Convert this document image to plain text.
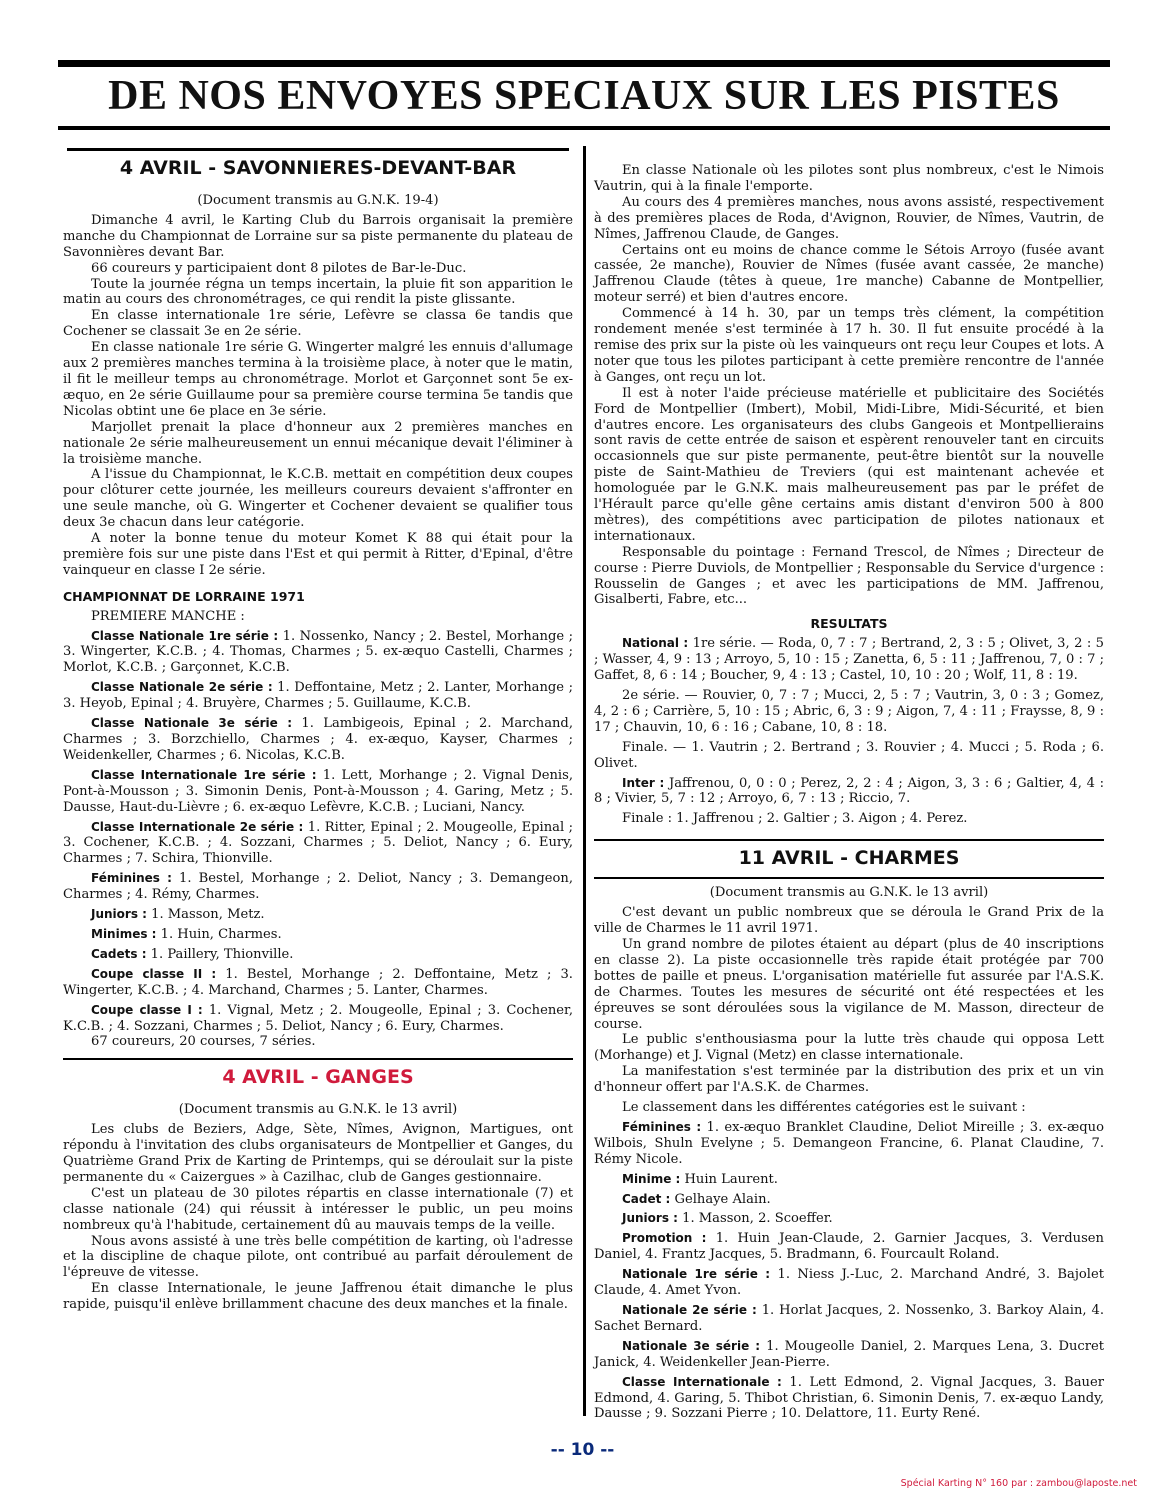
DE NOS ENVOYES SPECIAUX SUR LES PISTES
4 AVRIL - SAVONNIERES-DEVANT-BAR
(Document transmis au G.N.K. 19-4)

Dimanche 4 avril, le Karting Club du Barrois organisait la première manche du Championnat de Lorraine sur sa piste permanente du plateau de Savonnières devant Bar.

66 coureurs y participaient dont 8 pilotes de Bar-le-Duc.

Toute la journée régna un temps incertain, la pluie fit son apparition le matin au cours des chronométrages, ce qui rendit la piste glissante.

En classe internationale 1re série, Lefèvre se classa 6e tandis que Cochener se classait 3e en 2e série.

En classe nationale 1re série G. Wingerter malgré les ennuis d'allumage aux 2 premières manches termina à la troisième place, à noter que le matin, il fit le meilleur temps au chronométrage. Morlot et Garçonnet sont 5e ex-æquo, en 2e série Guillaume pour sa première course termina 5e tandis que Nicolas obtint une 6e place en 3e série.

Marjollet prenait la place d'honneur aux 2 premières manches en nationale 2e série malheureusement un ennui mécanique devait l'éliminer à la troisième manche.

A l'issue du Championnat, le K.C.B. mettait en compétition deux coupes pour clôturer cette journée, les meilleurs coureurs devaient s'affronter en une seule manche, où G. Wingerter et Cochener devaient se qualifier tous deux 3e chacun dans leur catégorie.

A noter la bonne tenue du moteur Komet K 88 qui était pour la première fois sur une piste dans l'Est et qui permit à Ritter, d'Epinal, d'être vainqueur en classe I 2e série.

CHAMPIONNAT DE LORRAINE 1971

PREMIERE MANCHE :

Classe Nationale 1re série : 1. Nossenko, Nancy ; 2. Bestel, Morhange ; 3. Wingerter, K.C.B. ; 4. Thomas, Charmes ; 5. ex-æquo Castelli, Charmes ; Morlot, K.C.B. ; Garçonnet, K.C.B.

Classe Nationale 2e série : 1. Deffontaine, Metz ; 2. Lanter, Morhange ; 3. Heyob, Epinal ; 4. Bruyère, Charmes ; 5. Guillaume, K.C.B.

Classe Nationale 3e série : 1. Lambigeois, Epinal ; 2. Marchand, Charmes ; 3. Borzchiello, Charmes ; 4. ex-æquo, Kayser, Charmes ; Weidenkeller, Charmes ; 6. Nicolas, K.C.B.

Classe Internationale 1re série : 1. Lett, Morhange ; 2. Vignal Denis, Pont-à-Mousson ; 3. Simonin Denis, Pont-à-Mousson ; 4. Garing, Metz ; 5. Dausse, Haut-du-Lièvre ; 6. ex-æquo Lefèvre, K.C.B. ; Luciani, Nancy.

Classe Internationale 2e série : 1. Ritter, Epinal ; 2. Mougeolle, Epinal ; 3. Cochener, K.C.B. ; 4. Sozzani, Charmes ; 5. Deliot, Nancy ; 6. Eury, Charmes ; 7. Schira, Thionville.

Féminines : 1. Bestel, Morhange ; 2. Deliot, Nancy ; 3. Demangeon, Charmes ; 4. Rémy, Charmes.

Juniors : 1. Masson, Metz.

Minimes : 1. Huin, Charmes.

Cadets : 1. Paillery, Thionville.

Coupe classe II : 1. Bestel, Morhange ; 2. Deffontaine, Metz ; 3. Wingerter, K.C.B. ; 4. Marchand, Charmes ; 5. Lanter, Charmes.

Coupe classe I : 1. Vignal, Metz ; 2. Mougeolle, Epinal ; 3. Cochener, K.C.B. ; 4. Sozzani, Charmes ; 5. Deliot, Nancy ; 6. Eury, Charmes.

67 coureurs, 20 courses, 7 séries.

4 AVRIL - GANGES
(Document transmis au G.N.K. le 13 avril)

Les clubs de Beziers, Adge, Sète, Nîmes, Avignon, Martigues, ont répondu à l'invitation des clubs organisateurs de Montpellier et Ganges, du Quatrième Grand Prix de Karting de Printemps, qui se déroulait sur la piste permanente du « Caizergues » à Cazilhac, club de Ganges gestionnaire.

C'est un plateau de 30 pilotes répartis en classe internationale (7) et classe nationale (24) qui réussit à intéresser le public, un peu moins nombreux qu'à l'habitude, certainement dû au mauvais temps de la veille.

Nous avons assisté à une très belle compétition de karting, où l'adresse et la discipline de chaque pilote, ont contribué au parfait déroulement de l'épreuve de vitesse.

En classe Internationale, le jeune Jaffrenou était dimanche le plus rapide, puisqu'il enlève brillamment chacune des deux manches et la finale.

En classe Nationale où les pilotes sont plus nombreux, c'est le Nimois Vautrin, qui à la finale l'emporte.

Au cours des 4 premières manches, nous avons assisté, respectivement à des premières places de Roda, d'Avignon, Rouvier, de Nîmes, Vautrin, de Nîmes, Jaffrenou Claude, de Ganges.

Certains ont eu moins de chance comme le Sétois Arroyo (fusée avant cassée, 2e manche), Rouvier de Nîmes (fusée avant cassée, 2e manche) Jaffrenou Claude (têtes à queue, 1re manche) Cabanne de Montpellier, moteur serré) et bien d'autres encore.

Commencé à 14 h. 30, par un temps très clément, la compétition rondement menée s'est terminée à 17 h. 30. Il fut ensuite procédé à la remise des prix sur la piste où les vainqueurs ont reçu leur Coupes et lots. A noter que tous les pilotes participant à cette première rencontre de l'année à Ganges, ont reçu un lot.

Il est à noter l'aide précieuse matérielle et publicitaire des Sociétés Ford de Montpellier (Imbert), Mobil, Midi-Libre, Midi-Sécurité, et bien d'autres encore. Les organisateurs des clubs Gangeois et Montpellierains sont ravis de cette entrée de saison et espèrent renouveler tant en circuits occasionnels que sur piste permanente, peut-être bientôt sur la nouvelle piste de Saint-Mathieu de Treviers (qui est maintenant achevée et homologuée par le G.N.K. mais malheureusement pas par le préfet de l'Hérault parce qu'elle gêne certains amis distant d'environ 500 à 800 mètres), des compétitions avec participation de pilotes nationaux et internationaux.

Responsable du pointage : Fernand Trescol, de Nîmes ; Directeur de course : Pierre Duviols, de Montpellier ; Responsable du Service d'urgence : Rousselin de Ganges ; et avec les participations de MM. Jaffrenou, Gisalberti, Fabre, etc...

RESULTATS

National : 1re série. — Roda, 0, 7 : 7 ; Bertrand, 2, 3 : 5 ; Olivet, 3, 2 : 5 ; Wasser, 4, 9 : 13 ; Arroyo, 5, 10 : 15 ; Zanetta, 6, 5 : 11 ; Jaffrenou, 7, 0 : 7 ; Gaffet, 8, 6 : 14 ; Boucher, 9, 4 : 13 ; Castel, 10, 10 : 20 ; Wolf, 11, 8 : 19.

2e série. — Rouvier, 0, 7 : 7 ; Mucci, 2, 5 : 7 ; Vautrin, 3, 0 : 3 ; Gomez, 4, 2 : 6 ; Carrière, 5, 10 : 15 ; Abric, 6, 3 : 9 ; Aigon, 7, 4 : 11 ; Fraysse, 8, 9 : 17 ; Chauvin, 10, 6 : 16 ; Cabane, 10, 8 : 18.

Finale. — 1. Vautrin ; 2. Bertrand ; 3. Rouvier ; 4. Mucci ; 5. Roda ; 6. Olivet.

Inter : Jaffrenou, 0, 0 : 0 ; Perez, 2, 2 : 4 ; Aigon, 3, 3 : 6 ; Galtier, 4, 4 : 8 ; Vivier, 5, 7 : 12 ; Arroyo, 6, 7 : 13 ; Riccio, 7.

Finale : 1. Jaffrenou ; 2. Galtier ; 3. Aigon ; 4. Perez.

11 AVRIL - CHARMES
(Document transmis au G.N.K. le 13 avril)

C'est devant un public nombreux que se déroula le Grand Prix de la ville de Charmes le 11 avril 1971.

Un grand nombre de pilotes étaient au départ (plus de 40 inscriptions en classe 2). La piste occasionnelle très rapide était protégée par 700 bottes de paille et pneus. L'organisation matérielle fut assurée par l'A.S.K. de Charmes. Toutes les mesures de sécurité ont été respectées et les épreuves se sont déroulées sous la vigilance de M. Masson, directeur de course.

Le public s'enthousiasma pour la lutte très chaude qui opposa Lett (Morhange) et J. Vignal (Metz) en classe internationale.

La manifestation s'est terminée par la distribution des prix et un vin d'honneur offert par l'A.S.K. de Charmes.

Le classement dans les différentes catégories est le suivant :

Féminines : 1. ex-æquo Branklet Claudine, Deliot Mireille ; 3. ex-æquo Wilbois, Shuln Evelyne ; 5. Demangeon Francine, 6. Planat Claudine, 7. Rémy Nicole.

Minime : Huin Laurent.

Cadet : Gelhaye Alain.

Juniors : 1. Masson, 2. Scoeffer.

Promotion : 1. Huin Jean-Claude, 2. Garnier Jacques, 3. Verdusen Daniel, 4. Frantz Jacques, 5. Bradmann, 6. Fourcault Roland.

Nationale 1re série : 1. Niess J.-Luc, 2. Marchand André, 3. Bajolet Claude, 4. Amet Yvon.

Nationale 2e série : 1. Horlat Jacques, 2. Nossenko, 3. Barkoy Alain, 4. Sachet Bernard.

Nationale 3e série : 1. Mougeolle Daniel, 2. Marques Lena, 3. Ducret Janick, 4. Weidenkeller Jean-Pierre.

Classe Internationale : 1. Lett Edmond, 2. Vignal Jacques, 3. Bauer Edmond, 4. Garing, 5. Thibot Christian, 6. Simonin Denis, 7. ex-æquo Landy, Dausse ; 9. Sozzani Pierre ; 10. Delattore, 11. Eurty René.

-- 10 --
Spécial Karting N° 160 par : zambou@laposte.net
